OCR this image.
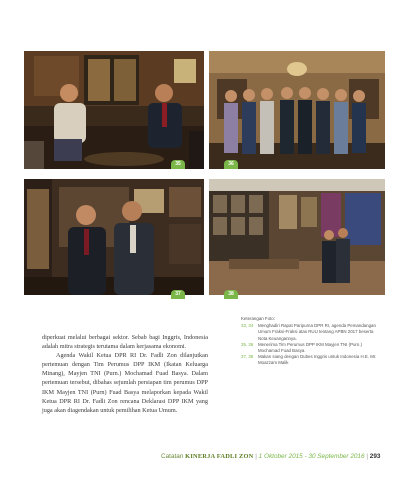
35	36
37	38

diperkuat melalui berbagai sektor. Sebab bagi Inggris, Indonesia adalah mitra strategis terutama dalam kerjasama ekonomi.

Agenda Wakil Ketua DPR RI Dr. Fadli Zon dilanjutkan pertemuan dengan Tim Perumus DPP IKM (Ikatan Keluarga Minang), Mayjen TNI (Purn.) Mochamad Fuad Basya. Dalam pertemuan tersebut, dibahas sejumlah persiapan tim perumus DPP IKM Mayjen TNI (Purn) Fuad Basya melaporkan kepada Wakil Ketua DPR RI Dr. Fadli Zon rencana Deklarasi DPP IKM yang juga akan diagendakan untuk pemilihan Ketua Umum.

Keterangan Foto:
33, 34	Menghadiri Rapat Paripurna DPR RI, agenda Pemandangan Umum Fraksi-Fraksi atas RUU tentang APBN 2017 beserta Nota Keuangannya.
35, 36	Menerima Tim Perumus DPP IKM Mayjen TNI (Purn.) Mochamad Fuad Basya.
37, 38	Makan siang dengan Dubes Inggris untuk Indonesia H.E. Mr. Moazzam Malik
Catatan KINERJA FADLI ZON | 1 Oktober 2015 - 30 September 2016 | 293
